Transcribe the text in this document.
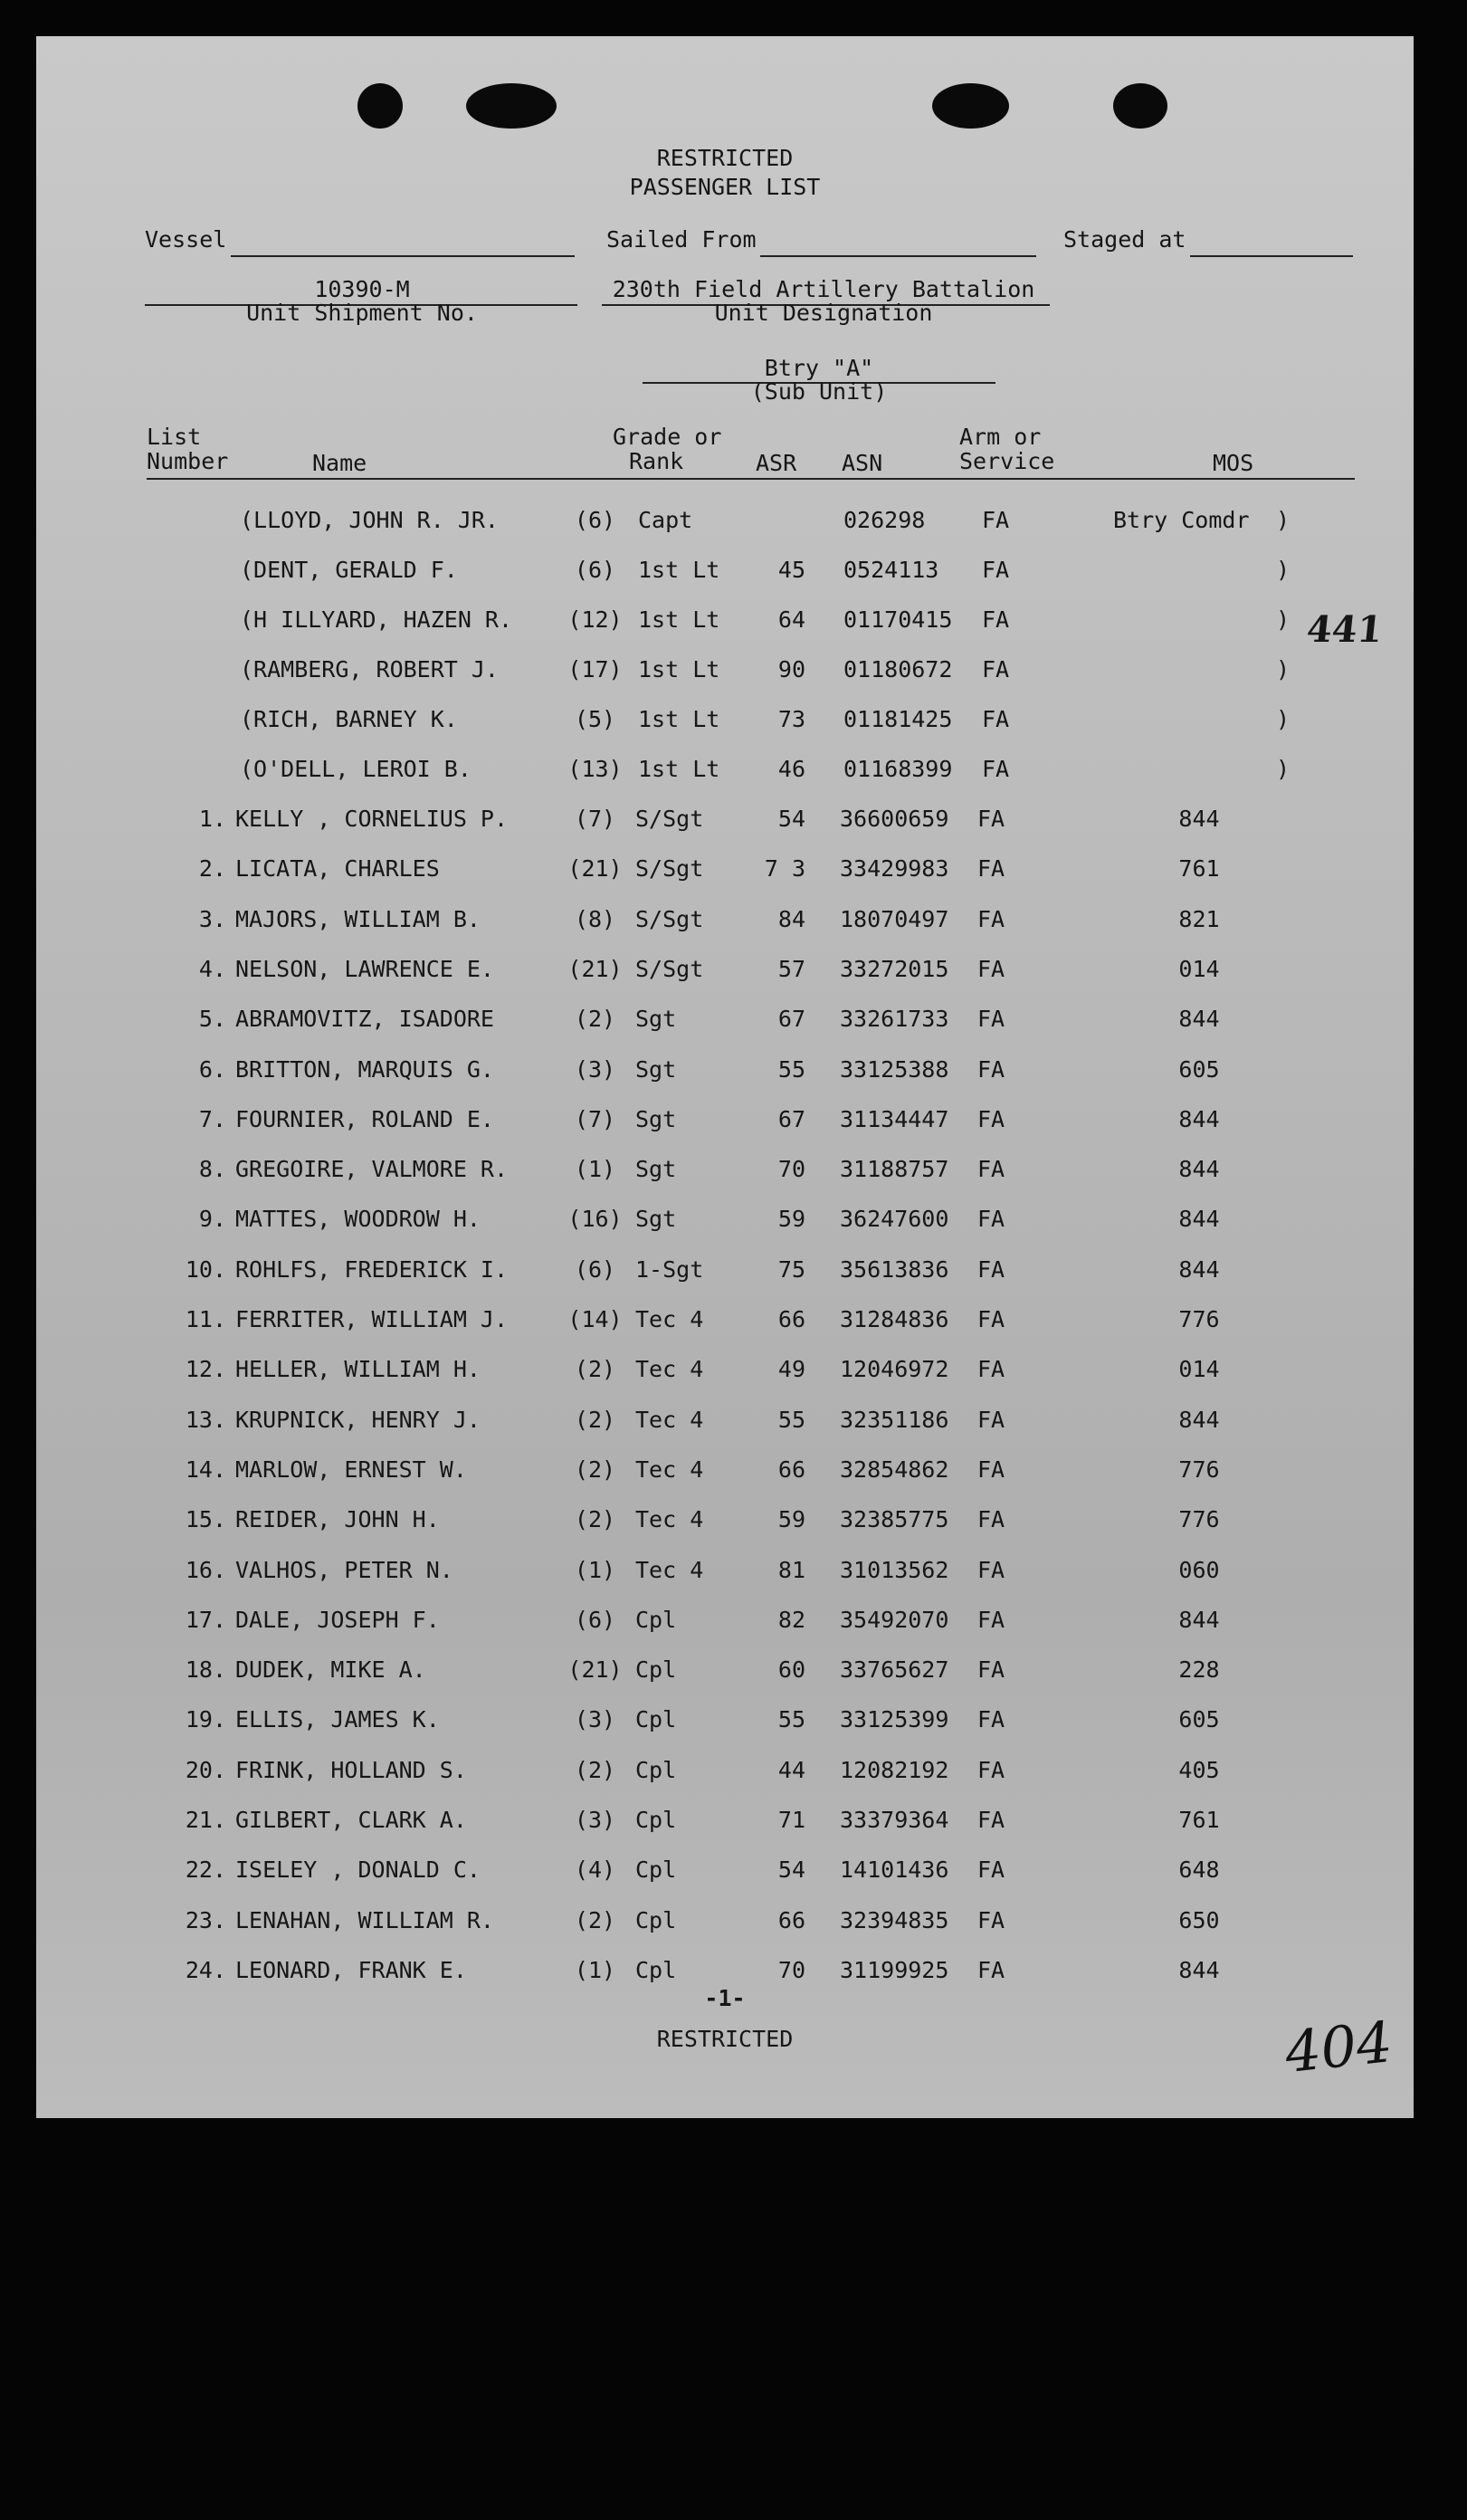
RESTRICTED
PASSENGER LIST
Vessel	Sailed From	Staged at
10390-M
Unit Shipment No.
230th Field Artillery Battalion
Unit Designation
Btry "A"
(Sub Unit)
List
Number	Name
Grade or
Rank	ASR ASN
Arm or
Service	MOS
(LLOYD, JOHN R. JR.	(6) Capt	026298	FA	Btry Comdr )
(DENT, GERALD F.	(6) 1st Lt	45 0524113 FA	)
(H ILLYARD, HAZEN R.	(12) 1st Lt	64 01170415 FA	)
(RAMBERG, ROBERT J.	(17) 1st Lt	90 01180672 FA	)
(RICH, BARNEY K.	(5) 1st Lt	73 01181425 FA	)
(O'DELL, LEROI B.	(13) 1st Lt	46 01168399 FA	)
1. KELLY , CORNELIUS P.	(7) S/Sgt	54 36600659 FA	844
2. LICATA, CHARLES	(21) S/Sgt	7 3 33429983 FA	761
3. MAJORS, WILLIAM B.	(8) S/Sgt	84 18070497 FA	821
4. NELSON, LAWRENCE E.	(21) S/Sgt	57 33272015 FA	014
5. ABRAMOVITZ, ISADORE	(2) Sgt	67 33261733 FA	844
6. BRITTON, MARQUIS G.	(3) Sgt	55 33125388 FA	605
7. FOURNIER, ROLAND E.	(7) Sgt	67 31134447 FA	844
8. GREGOIRE, VALMORE R.	(1) Sgt	70 31188757 FA	844
9. MATTES, WOODROW H.	(16) Sgt	59 36247600 FA	844
10. ROHLFS, FREDERICK I.	(6) 1-Sgt	75 35613836 FA	844
11. FERRITER, WILLIAM J.	(14) Tec 4	66 31284836 FA	776
12. HELLER, WILLIAM H.	(2) Tec 4	49 12046972 FA	014
13. KRUPNICK, HENRY J.	(2) Tec 4	55 32351186 FA	844
14. MARLOW, ERNEST W.	(2) Tec 4	66 32854862 FA	776
15. REIDER, JOHN H.	(2) Tec 4	59 32385775 FA	776
16. VALHOS, PETER N.	(1) Tec 4	81 31013562 FA	060
17. DALE, JOSEPH F.	(6) Cpl	82 35492070 FA	844
18. DUDEK, MIKE A.	(21) Cpl	60 33765627 FA	228
19. ELLIS, JAMES K.	(3) Cpl	55 33125399 FA	605
20. FRINK, HOLLAND S.	(2) Cpl	44 12082192 FA	405
21. GILBERT, CLARK A.	(3) Cpl	71 33379364 FA	761
22. ISELEY , DONALD C.	(4) Cpl	54 14101436 FA	648
23. LENAHAN, WILLIAM R.	(2) Cpl	66 32394835 FA	650
24. LEONARD, FRANK E.	(1) Cpl	70 31199925 FA	844
441
-1-
RESTRICTED	404
